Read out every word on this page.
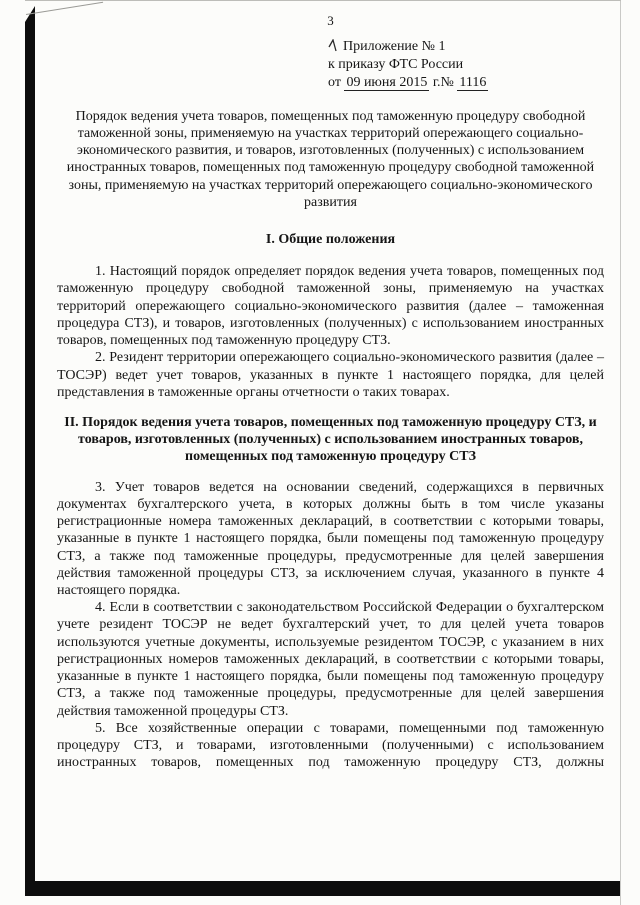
3
Приложение № 1
к приказу ФТС России
от 09 июня 2015 г.№ 1116

Порядок ведения учета товаров, помещенных под таможенную процедуру свободной таможенной зоны, применяемую на участках территорий опережающего социально-экономического развития, и товаров, изготовленных (полученных) с использованием иностранных товаров, помещенных под таможенную процедуру свободной таможенной зоны, применяемую на участках территорий опережающего социально-экономического развития

I. Общие положения

1. Настоящий порядок определяет порядок ведения учета товаров, помещенных под таможенную процедуру свободной таможенной зоны, применяемую на участках территорий опережающего социально-экономического развития (далее – таможенная процедура СТЗ), и товаров, изготовленных (полученных) с использованием иностранных товаров, помещенных под таможенную процедуру СТЗ.

2. Резидент территории опережающего социально-экономического развития (далее – ТОСЭР) ведет учет товаров, указанных в пункте 1 настоящего порядка, для целей представления в таможенные органы отчетности о таких товарах.

II. Порядок ведения учета товаров, помещенных под таможенную процедуру СТЗ, и товаров, изготовленных (полученных) с использованием иностранных товаров, помещенных под таможенную процедуру СТЗ

3. Учет товаров ведется на основании сведений, содержащихся в первичных документах бухгалтерского учета, в которых должны быть в том числе указаны регистрационные номера таможенных деклараций, в соответствии с которыми товары, указанные в пункте 1 настоящего порядка, были помещены под таможенную процедуру СТЗ, а также под таможенные процедуры, предусмотренные для целей завершения действия таможенной процедуры СТЗ, за исключением случая, указанного в пункте 4 настоящего порядка.

4. Если в соответствии с законодательством Российской Федерации о бухгалтерском учете резидент ТОСЭР не ведет бухгалтерский учет, то для целей учета товаров используются учетные документы, используемые резидентом ТОСЭР, с указанием в них регистрационных номеров таможенных деклараций, в соответствии с которыми товары, указанные в пункте 1 настоящего порядка, были помещены под таможенную процедуру СТЗ, а также под таможенные процедуры, предусмотренные для целей завершения действия таможенной процедуры СТЗ.

5. Все хозяйственные операции с товарами, помещенными под таможенную процедуру СТЗ, и товарами, изготовленными (полученными) с использованием иностранных товаров, помещенных под таможенную процедуру СТЗ, должны
